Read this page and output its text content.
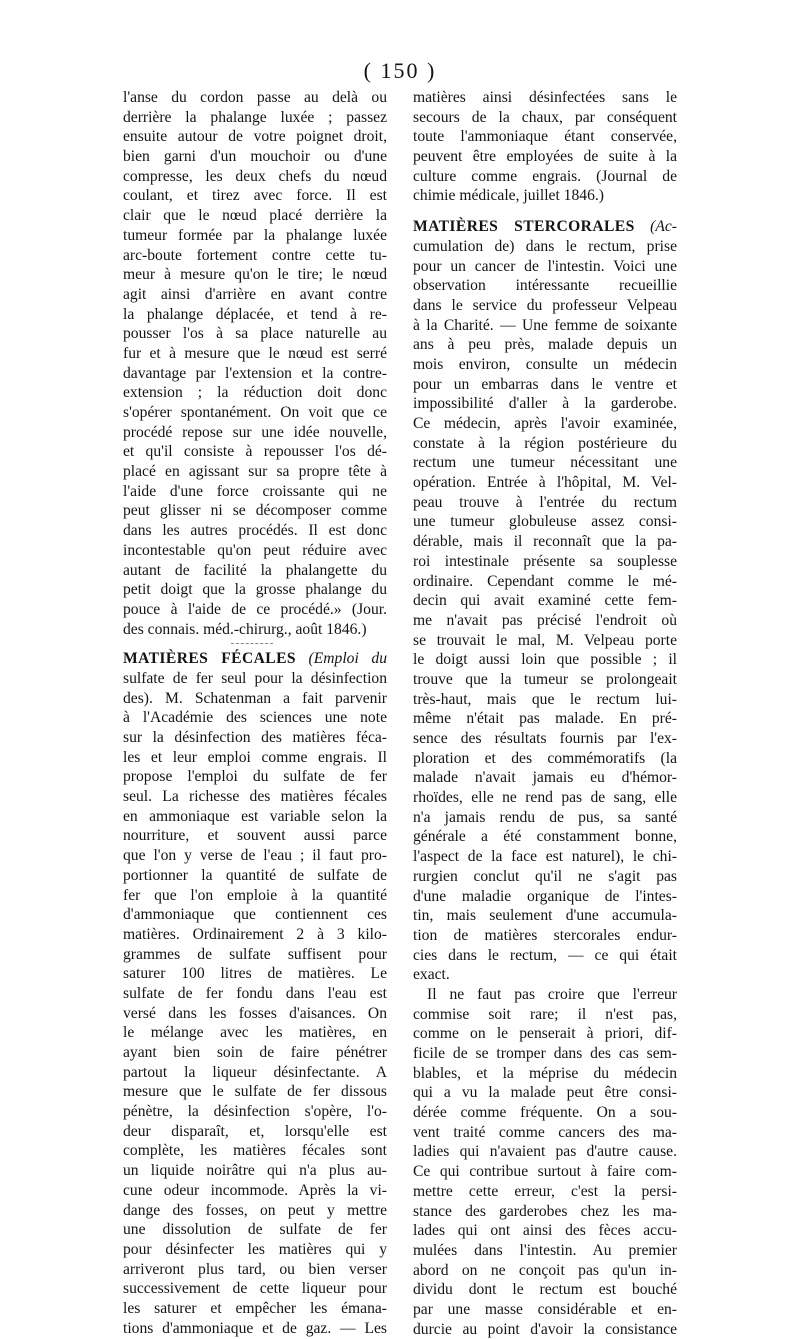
( 150 )
l'anse du cordon passe au delà ou
derrière la phalange luxée ; passez
ensuite autour de votre poignet droit,
bien garni d'un mouchoir ou d'une
compresse, les deux chefs du nœud
coulant, et tirez avec force. Il est
clair que le nœud placé derrière la
tumeur formée par la phalange luxée
arc-boute fortement contre cette tu-
meur à mesure qu'on le tire; le nœud
agit ainsi d'arrière en avant contre
la phalange déplacée, et tend à re-
pousser l'os à sa place naturelle au
fur et à mesure que le nœud est serré
davantage par l'extension et la contre-
extension ; la réduction doit donc
s'opérer spontanément. On voit que ce
procédé repose sur une idée nouvelle,
et qu'il consiste à repousser l'os dé-
placé en agissant sur sa propre tête à
l'aide d'une force croissante qui ne
peut glisser ni se décomposer comme
dans les autres procédés. Il est donc
incontestable qu'on peut réduire avec
autant de facilité la phalangette du
petit doigt que la grosse phalange du
pouce à l'aide de ce procédé.» (Jour.
des connais. méd.-chirurg., août 1846.)
MATIÈRES FÉCALES (Emploi du
sulfate de fer seul pour la désinfection
des). M. Schatenman a fait parvenir
à l'Académie des sciences une note
sur la désinfection des matières féca-
les et leur emploi comme engrais. Il
propose l'emploi du sulfate de fer
seul. La richesse des matières fécales
en ammoniaque est variable selon la
nourriture, et souvent aussi parce
que l'on y verse de l'eau ; il faut pro-
portionner la quantité de sulfate de
fer que l'on emploie à la quantité
d'ammoniaque que contiennent ces
matières. Ordinairement 2 à 3 kilo-
grammes de sulfate suffisent pour
saturer 100 litres de matières. Le
sulfate de fer fondu dans l'eau est
versé dans les fosses d'aisances. On
le mélange avec les matières, en
ayant bien soin de faire pénétrer
partout la liqueur désinfectante. A
mesure que le sulfate de fer dissous
pénètre, la désinfection s'opère, l'o-
deur disparaît, et, lorsqu'elle est
complète, les matières fécales sont
un liquide noirâtre qui n'a plus au-
cune odeur incommode. Après la vi-
dange des fosses, on peut y mettre
une dissolution de sulfate de fer
pour désinfecter les matières qui y
arriveront plus tard, ou bien verser
successivement de cette liqueur pour
les saturer et empêcher les émana-
tions d'ammoniaque et de gaz. — Les
matières ainsi désinfectées sans le
secours de la chaux, par conséquent
toute l'ammoniaque étant conservée,
peuvent être employées de suite à la
culture comme engrais. (Journal de
chimie médicale, juillet 1846.)
MATIÈRES STERCORALES (Ac-
cumulation de) dans le rectum, prise
pour un cancer de l'intestin. Voici une
observation intéressante recueillie
dans le service du professeur Velpeau
à la Charité. — Une femme de soixante
ans à peu près, malade depuis un
mois environ, consulte un médecin
pour un embarras dans le ventre et
impossibilité d'aller à la garderobe.
Ce médecin, après l'avoir examinée,
constate à la région postérieure du
rectum une tumeur nécessitant une
opération. Entrée à l'hôpital, M. Vel-
peau trouve à l'entrée du rectum
une tumeur globuleuse assez consi-
dérable, mais il reconnaît que la pa-
roi intestinale présente sa souplesse
ordinaire. Cependant comme le mé-
decin qui avait examiné cette fem-
me n'avait pas précisé l'endroit où
se trouvait le mal, M. Velpeau porte
le doigt aussi loin que possible ; il
trouve que la tumeur se prolongeait
très-haut, mais que le rectum lui-
même n'était pas malade. En pré-
sence des résultats fournis par l'ex-
ploration et des commémoratifs (la
malade n'avait jamais eu d'hémor-
rhoïdes, elle ne rend pas de sang, elle
n'a jamais rendu de pus, sa santé
générale a été constamment bonne,
l'aspect de la face est naturel), le chi-
rurgien conclut qu'il ne s'agit pas
d'une maladie organique de l'intes-
tin, mais seulement d'une accumula-
tion de matières stercorales endur-
cies dans le rectum, — ce qui était
exact.
Il ne faut pas croire que l'erreur
commise soit rare; il n'est pas,
comme on le penserait à priori, dif-
ficile de se tromper dans des cas sem-
blables, et la méprise du médecin
qui a vu la malade peut être consi-
dérée comme fréquente. On a sou-
vent traité comme cancers des ma-
ladies qui n'avaient pas d'autre cause.
Ce qui contribue surtout à faire com-
mettre cette erreur, c'est la persi-
stance des garderobes chez les ma-
lades qui ont ainsi des fèces accu-
mulées dans l'intestin. Au premier
abord on ne conçoit pas qu'un in-
dividu dont le rectum est bouché
par une masse considérable et en-
durcie au point d'avoir la consistance
